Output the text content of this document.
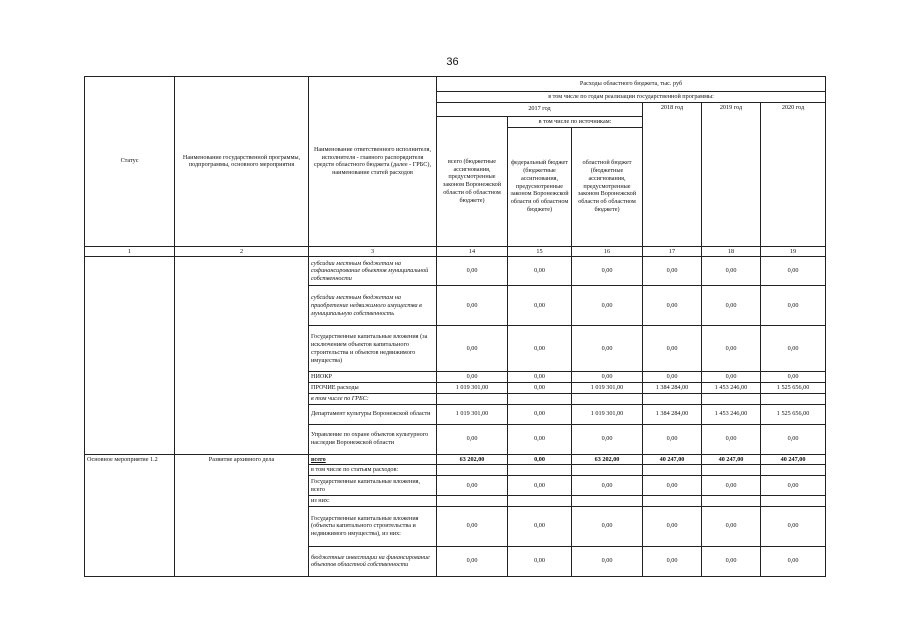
36
Статус	Наименование государственной программы, подпрограммы, основного мероприятия	Наименование ответственного исполнителя, исполнителя - главного распорядителя средств областного бюджета (далее - ГРБС), наименование статей расходов	Расходы областного бюджета, тыс. руб					
			в том числе по годам реализации государственной программы:					
			2017 год			2018 год	2019 год	2020 год
			всего (бюджетные ассигнования, предусмотренные законом Воронежской области об областном бюджете)	в том числе по источникам:				
				федеральный бюджет (бюджетные ассигнования, предусмотренные законом Воронежской области об областном бюджете)	областной бюджет (бюджетные ассигнования, предусмотренные законом Воронежской области об областном бюджете)			
1	2	3	14	15	16	17	18	19
		субсидии местным бюджетам на софинансирование объектов муниципальной собственности	0,00	0,00	0,00	0,00	0,00	0,00
		субсидии местным бюджетам на приобретение недвижимого имущества в муниципальную собственность	0,00	0,00	0,00	0,00	0,00	0,00
		Государственные капитальные вложения (за исключением объектов капитального строительства и объектов недвижимого имущества)	0,00	0,00	0,00	0,00	0,00	0,00
		НИОКР	0,00	0,00	0,00	0,00	0,00	0,00
		ПРОЧИЕ расходы	1 019 301,00	0,00	1 019 301,00	1 384 284,00	1 453 246,00	1 525 656,00
		в том числе по ГРБС:						
		Департамент культуры Воронежской области	1 019 301,00	0,00	1 019 301,00	1 384 284,00	1 453 246,00	1 525 656,00
		Управление по охране объектов культурного наследия Воронежской области	0,00	0,00	0,00	0,00	0,00	0,00
Основное мероприятие 1.2	Развитие архивного дела	всего	63 202,00	0,00	63 202,00	40 247,00	40 247,00	40 247,00
		в том числе по статьям расходов:						
		Государственные капитальные вложения, всего	0,00	0,00	0,00	0,00	0,00	0,00
		из них:						
		Государственные капитальные вложения (объекты капитального строительства и недвижимого имущества), из них:	0,00	0,00	0,00	0,00	0,00	0,00
		бюджетные инвестиции на финансирование объектов областной собственности	0,00	0,00	0,00	0,00	0,00	0,00
